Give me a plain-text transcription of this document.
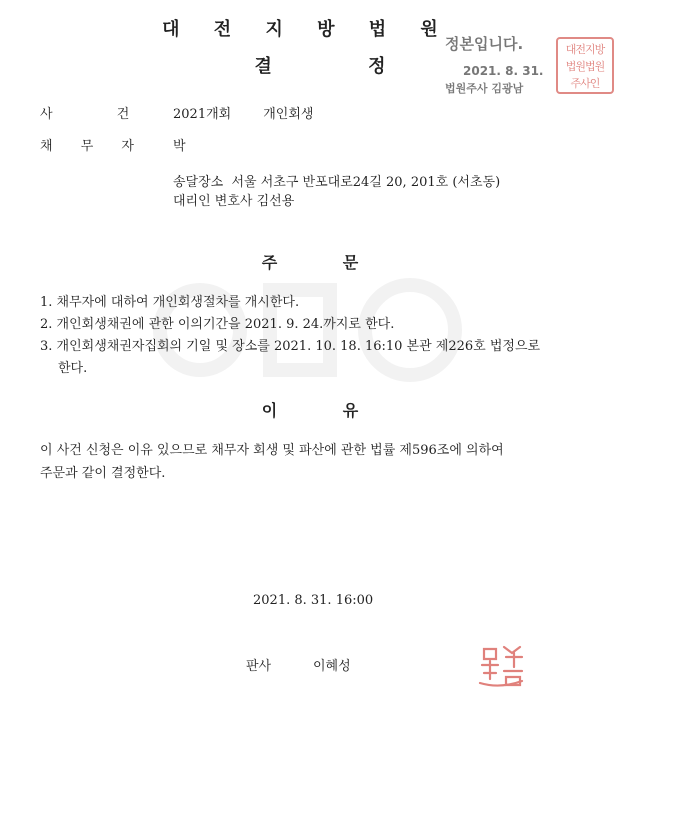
대 전 지 방 법 원
결 정
정본입니다.
2021. 8. 31.
법원주사 김광남
대전지방
법원법원
주사인
사 건	2021개회 개인회생
채 무 자	박
송달장소  서울 서초구 반포대로24길 20, 201호 (서초동)
대리인 변호사 김선용
주 문
1. 채무자에 대하여 개인회생절차를 개시한다.
2. 개인회생채권에 관한 이의기간을 2021. 9. 24.까지로 한다.
3. 개인회생채권자집회의 기일 및 장소를 2021. 10. 18. 16:10 본관 제226호 법정으로
한다.
이 유
이 사건 신청은 이유 있으므로 채무자 회생 및 파산에 관한 법률 제596조에 의하여
주문과 같이 결정한다.
2021. 8. 31. 16:00
판사	이혜성
